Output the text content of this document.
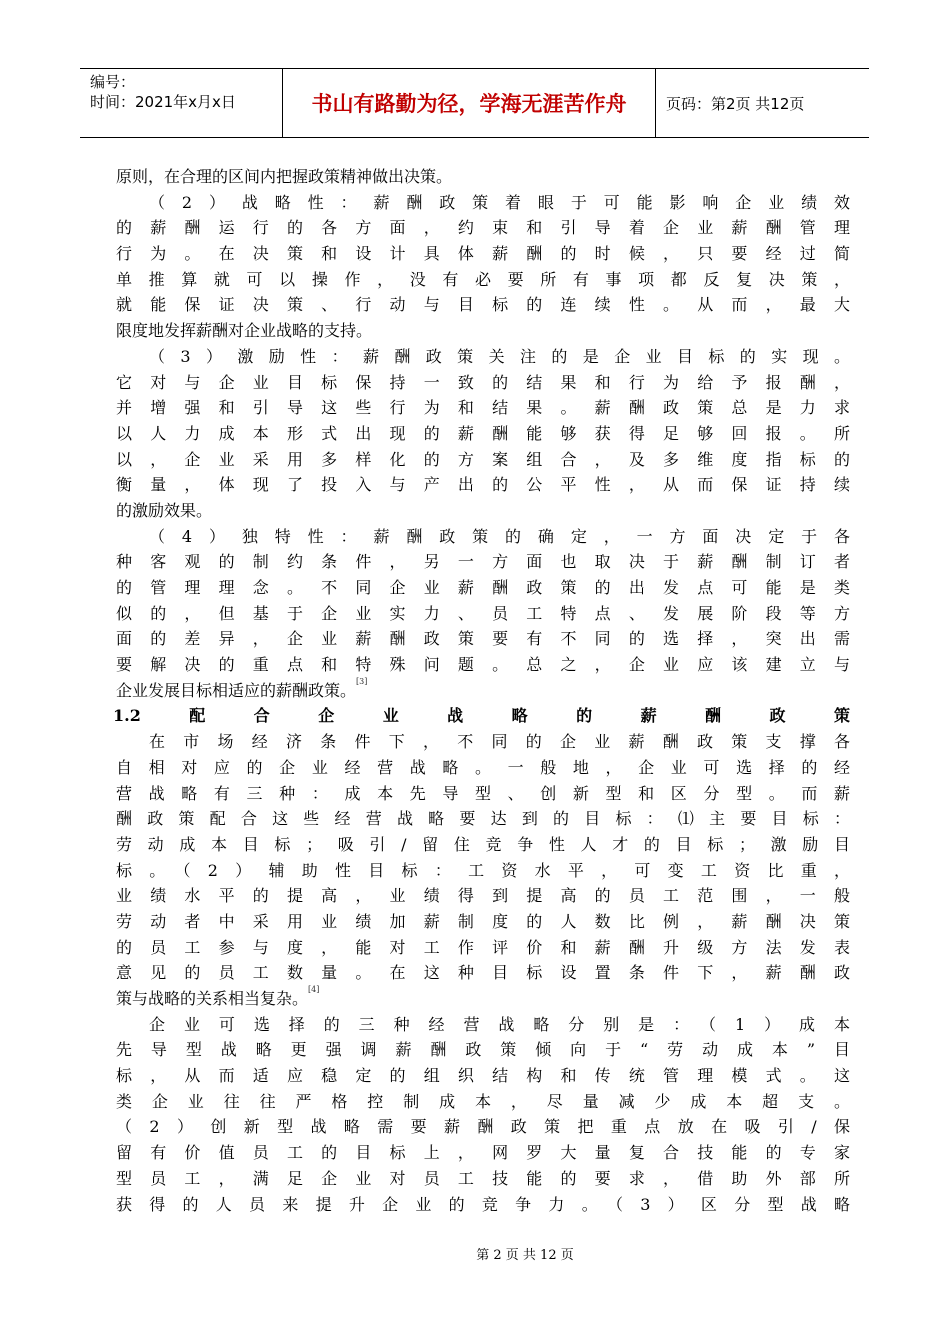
编号：
时间：2021年x月x日	书山有路勤为径，学海无涯苦作舟	页码：第2页 共12页
原则，在合理的区间内把握政策精神做出决策。
（2）战略性：薪酬政策着眼于可能影响企业绩效
的薪酬运行的各方面，约束和引导着企业薪酬管理
行为。在决策和设计具体薪酬的时候，只要经过简
单推算就可以操作，没有必要所有事项都反复决策，
就能保证决策、行动与目标的连续性。从而，最大
限度地发挥薪酬对企业战略的支持。
（3）激励性：薪酬政策关注的是企业目标的实现。
它对与企业目标保持一致的结果和行为给予报酬，
并增强和引导这些行为和结果。薪酬政策总是力求
以人力成本形式出现的薪酬能够获得足够回报。所
以，企业采用多样化的方案组合，及多维度指标的
衡量，体现了投入与产出的公平性，从而保证持续
的激励效果。
（4）独特性：薪酬政策的确定，一方面决定于各
种客观的制约条件，另一方面也取决于薪酬制订者
的管理理念。不同企业薪酬政策的出发点可能是类
似的，但基于企业实力、员工特点、发展阶段等方
面的差异，企业薪酬政策要有不同的选择，突出需
要解决的重点和特殊问题。总之，企业应该建立与
企业发展目标相适应的薪酬政策。[3]
1.2配合企业战略的薪酬政策
在市场经济条件下，不同的企业薪酬政策支撑各
自相对应的企业经营战略。一般地，企业可选择的经
营战略有三种：成本先导型、创新型和区分型。而薪
酬政策配合这些经营战略要达到的目标：⑴主要目标：
劳动成本目标；吸引/留住竞争性人才的目标；激励目
标。（2）辅助性目标：工资水平，可变工资比重，
业绩水平的提高，业绩得到提高的员工范围，一般
劳动者中采用业绩加薪制度的人数比例，薪酬决策
的员工参与度，能对工作评价和薪酬升级方法发表
意见的员工数量。在这种目标设置条件下，薪酬政
策与战略的关系相当复杂。[4]
企业可选择的三种经营战略分别是：（1）成本
先导型战略更强调薪酬政策倾向于“劳动成本”目
标，从而适应稳定的组织结构和传统管理模式。这
类企业往往严格控制成本，尽量减少成本超支。
（2）创新型战略需要薪酬政策把重点放在吸引/保
留有价值员工的目标上，网罗大量复合技能的专家
型员工，满足企业对员工技能的要求，借助外部所
获得的人员来提升企业的竞争力。（3）区分型战略
第 2 页 共 12 页
